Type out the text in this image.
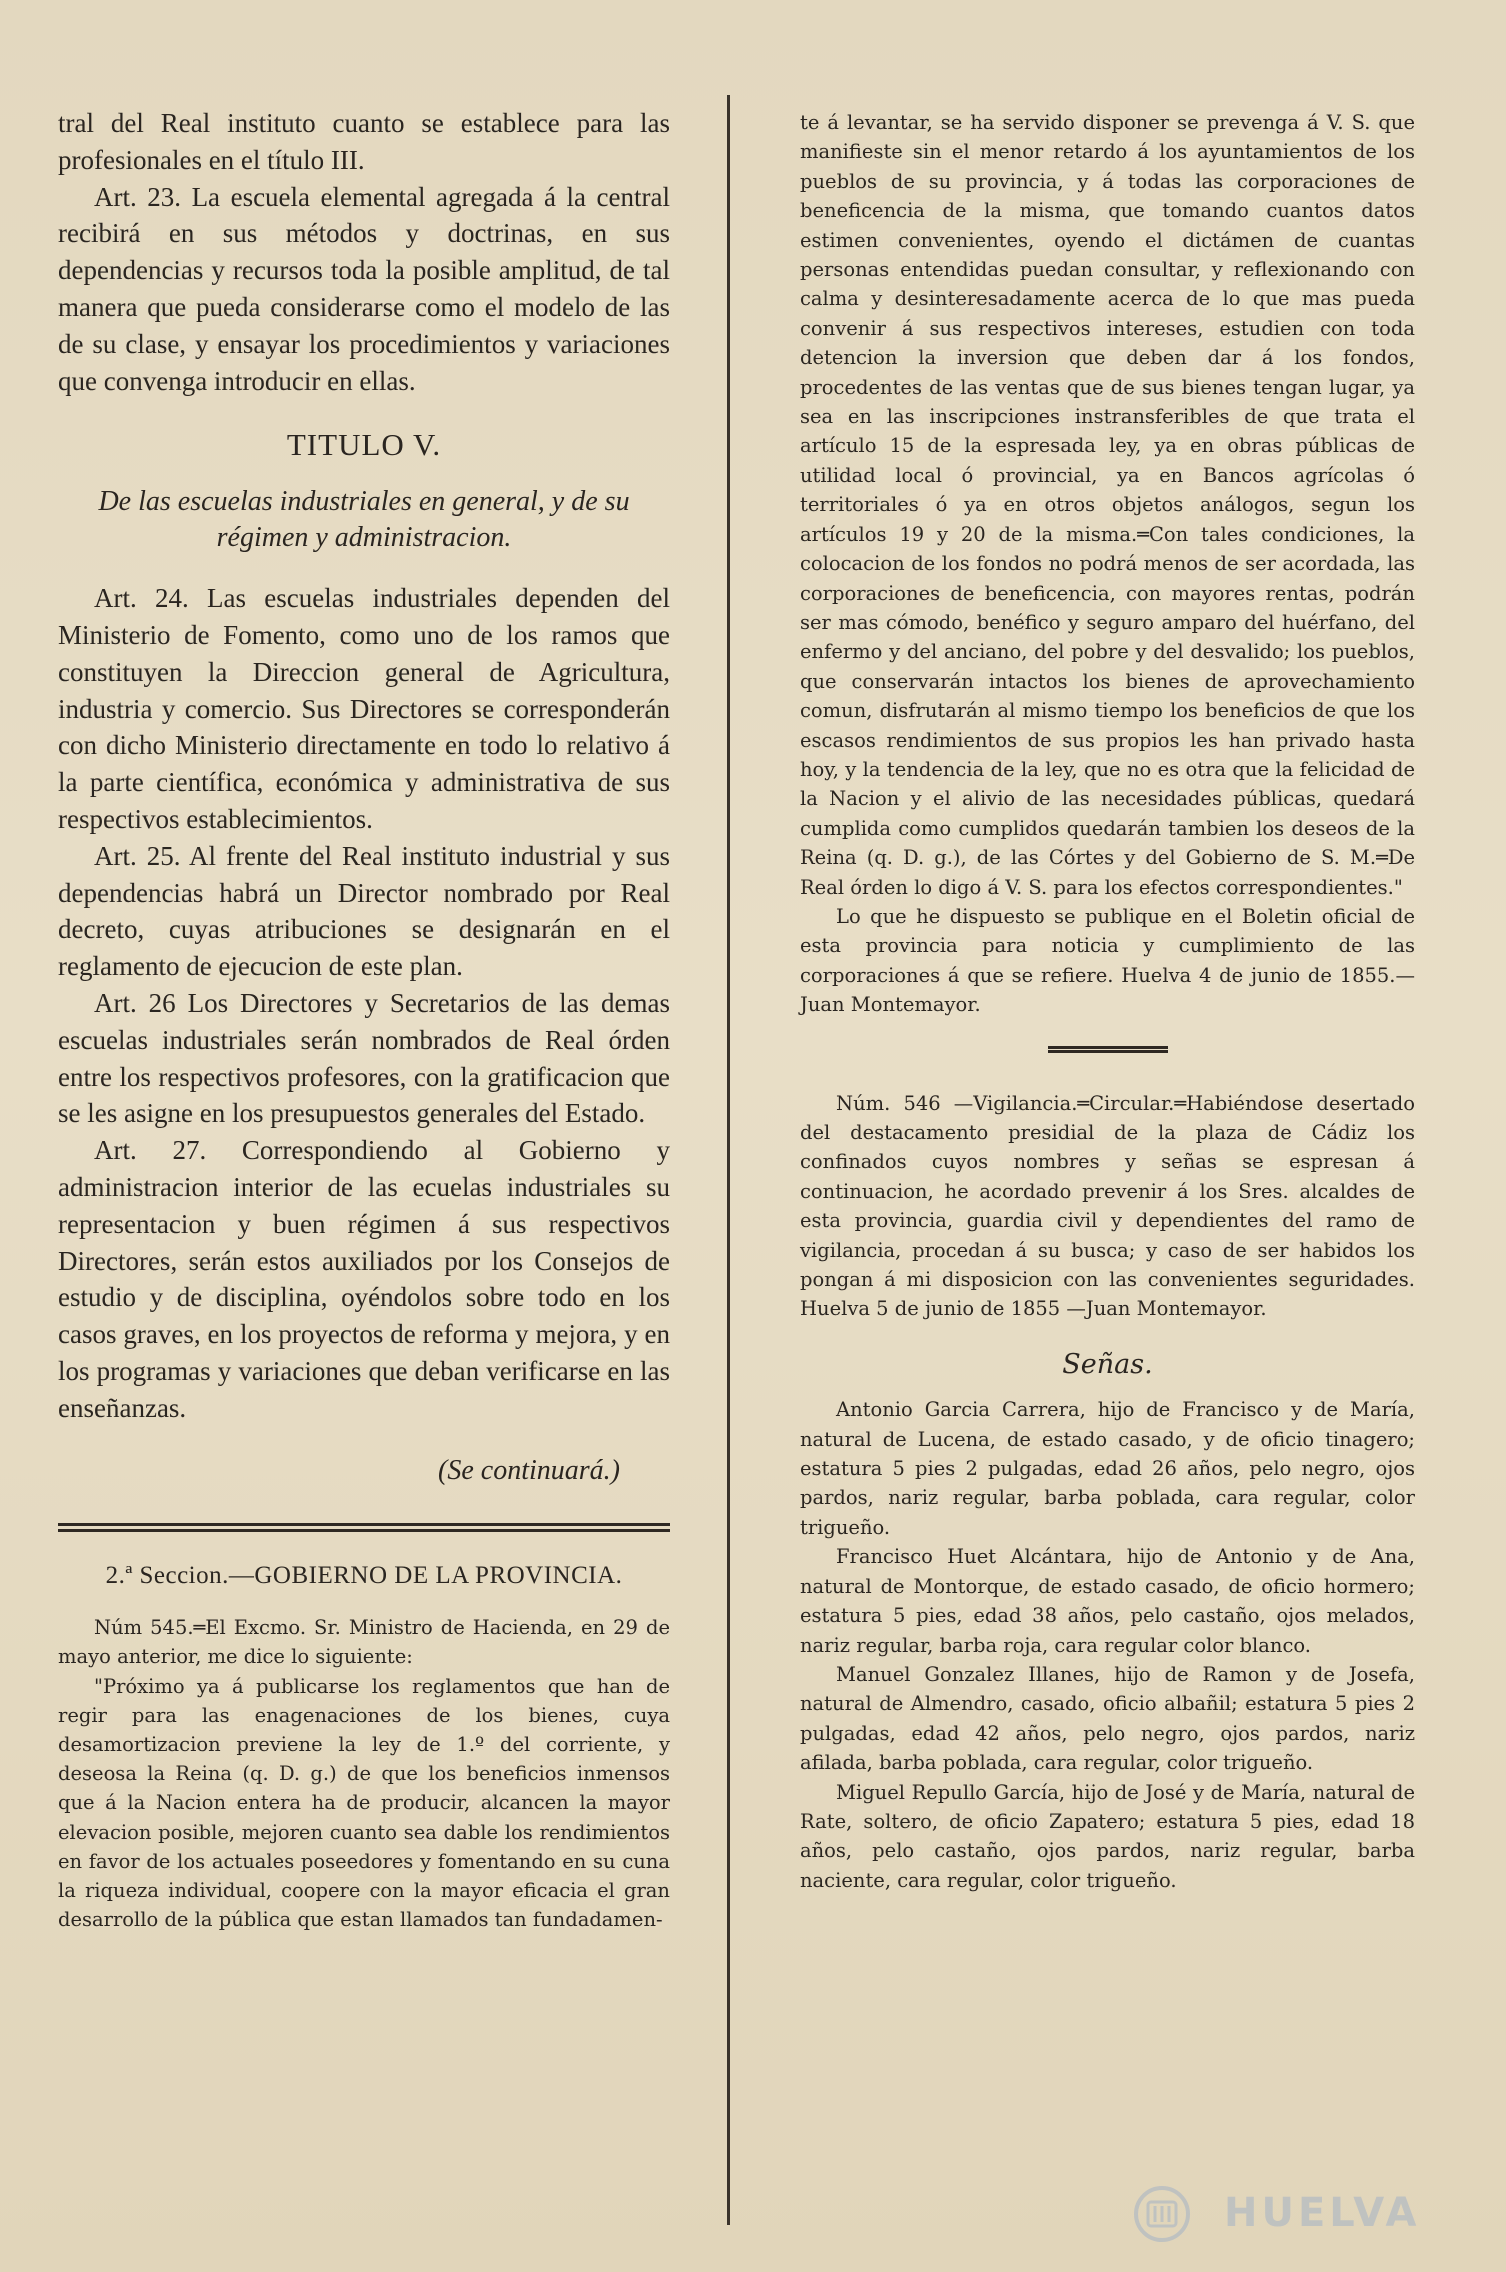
tral del Real instituto cuanto se establece para las profesionales en el título III.

Art. 23. La escuela elemental agregada á la central recibirá en sus métodos y doctrinas, en sus dependencias y recursos toda la posible amplitud, de tal manera que pueda considerarse como el modelo de las de su clase, y ensayar los procedimientos y variaciones que convenga introducir en ellas.

TITULO V.
De las escuelas industriales en general, y de su régimen y administracion.

Art. 24. Las escuelas industriales dependen del Ministerio de Fomento, como uno de los ramos que constituyen la Direccion general de Agricultura, industria y comercio. Sus Directores se corresponderán con dicho Ministerio directamente en todo lo relativo á la parte científica, económica y administrativa de sus respectivos establecimientos.

Art. 25. Al frente del Real instituto industrial y sus dependencias habrá un Director nombrado por Real decreto, cuyas atribuciones se designarán en el reglamento de ejecucion de este plan.

Art. 26 Los Directores y Secretarios de las demas escuelas industriales serán nombrados de Real órden entre los respectivos profesores, con la gratificacion que se les asigne en los presupuestos generales del Estado.

Art. 27. Correspondiendo al Gobierno y administracion interior de las ecuelas industriales su representacion y buen régimen á sus respectivos Directores, serán estos auxiliados por los Consejos de estudio y de disciplina, oyéndolos sobre todo en los casos graves, en los proyectos de reforma y mejora, y en los programas y variaciones que deban verificarse en las enseñanzas.

(Se continuará.)
2.ª Seccion.—GOBIERNO DE LA PROVINCIA.

Núm 545.═El Excmo. Sr. Ministro de Hacienda, en 29 de mayo anterior, me dice lo siguiente:

"Próximo ya á publicarse los reglamentos que han de regir para las enagenaciones de los bienes, cuya desamortizacion previene la ley de 1.º del corriente, y deseosa la Reina (q. D. g.) de que los beneficios inmensos que á la Nacion entera ha de producir, alcancen la mayor elevacion posible, mejoren cuanto sea dable los rendimientos en favor de los actuales poseedores y fomentando en su cuna la riqueza individual, coopere con la mayor eficacia el gran desarrollo de la pública que estan llamados tan fundadamen-

te á levantar, se ha servido disponer se prevenga á V. S. que manifieste sin el menor retardo á los ayuntamientos de los pueblos de su provincia, y á todas las corporaciones de beneficencia de la misma, que tomando cuantos datos estimen convenientes, oyendo el dictámen de cuantas personas entendidas puedan consultar, y reflexionando con calma y desinteresadamente acerca de lo que mas pueda convenir á sus respectivos intereses, estudien con toda detencion la inversion que deben dar á los fondos, procedentes de las ventas que de sus bienes tengan lugar, ya sea en las inscripciones instransferibles de que trata el artículo 15 de la espresada ley, ya en obras públicas de utilidad local ó provincial, ya en Bancos agrícolas ó territoriales ó ya en otros objetos análogos, segun los artículos 19 y 20 de la misma.═Con tales condiciones, la colocacion de los fondos no podrá menos de ser acordada, las corporaciones de beneficencia, con mayores rentas, podrán ser mas cómodo, benéfico y seguro amparo del huérfano, del enfermo y del anciano, del pobre y del desvalido; los pueblos, que conservarán intactos los bienes de aprovechamiento comun, disfrutarán al mismo tiempo los beneficios de que los escasos rendimientos de sus propios les han privado hasta hoy, y la tendencia de la ley, que no es otra que la felicidad de la Nacion y el alivio de las necesidades públicas, quedará cumplida como cumplidos quedarán tambien los deseos de la Reina (q. D. g.), de las Córtes y del Gobierno de S. M.═De Real órden lo digo á V. S. para los efectos correspondientes."

Lo que he dispuesto se publique en el Boletin oficial de esta provincia para noticia y cumplimiento de las corporaciones á que se refiere. Huelva 4 de junio de 1855.—Juan Montemayor.

Núm. 546 —Vigilancia.═Circular.═Habiéndose desertado del destacamento presidial de la plaza de Cádiz los confinados cuyos nombres y señas se espresan á continuacion, he acordado prevenir á los Sres. alcaldes de esta provincia, guardia civil y dependientes del ramo de vigilancia, procedan á su busca; y caso de ser habidos los pongan á mi disposicion con las convenientes seguridades. Huelva 5 de junio de 1855 —Juan Montemayor.

Señas.

Antonio Garcia Carrera, hijo de Francisco y de María, natural de Lucena, de estado casado, y de oficio tinagero; estatura 5 pies 2 pulgadas, edad 26 años, pelo negro, ojos pardos, nariz regular, barba poblada, cara regular, color trigueño.

Francisco Huet Alcántara, hijo de Antonio y de Ana, natural de Montorque, de estado casado, de oficio hormero; estatura 5 pies, edad 38 años, pelo castaño, ojos melados, nariz regular, barba roja, cara regular color blanco.

Manuel Gonzalez Illanes, hijo de Ramon y de Josefa, natural de Almendro, casado, oficio albañil; estatura 5 pies 2 pulgadas, edad 42 años, pelo negro, ojos pardos, nariz afilada, barba poblada, cara regular, color trigueño.

Miguel Repullo García, hijo de José y de María, natural de Rate, soltero, de oficio Zapatero; estatura 5 pies, edad 18 años, pelo castaño, ojos pardos, nariz regular, barba naciente, cara regular, color trigueño.

HUELVA
